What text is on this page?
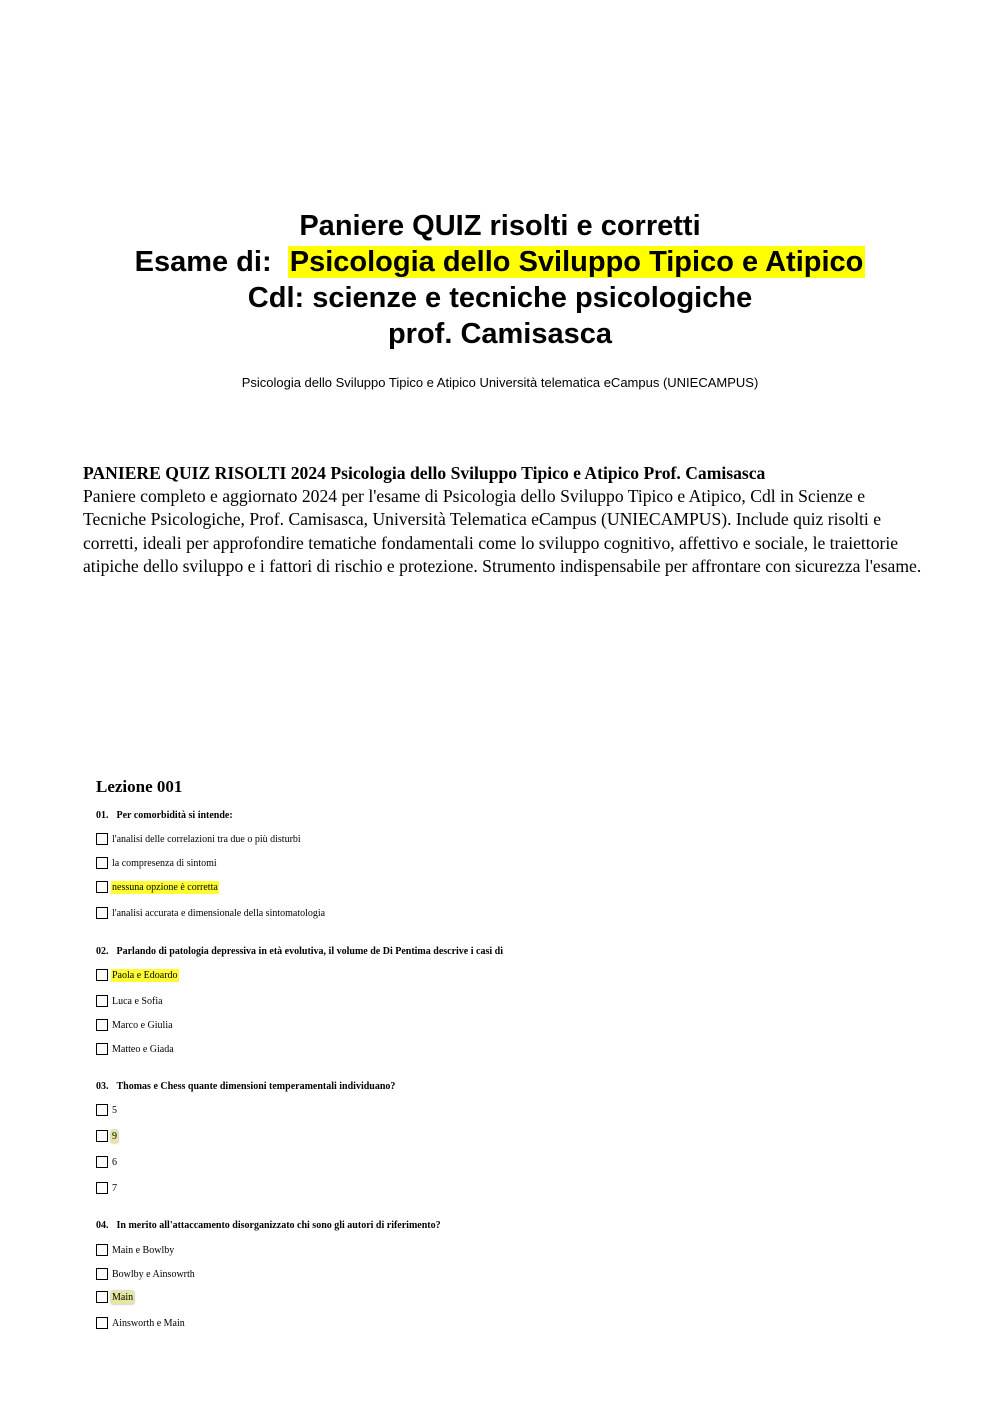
Paniere QUIZ risolti e corretti

Esame di: Psicologia dello Sviluppo Tipico e Atipico

Cdl: scienze e tecniche psicologiche

prof. Camisasca

Psicologia dello Sviluppo Tipico e Atipico Università telematica eCampus (UNIECAMPUS)
PANIERE QUIZ RISOLTI 2024 Psicologia dello Sviluppo Tipico e Atipico Prof. Camisasca
Paniere completo e aggiornato 2024 per l'esame di Psicologia dello Sviluppo Tipico e Atipico, Cdl in Scienze e Tecniche Psicologiche, Prof. Camisasca, Università Telematica eCampus (UNIECAMPUS). Include quiz risolti e corretti, ideali per approfondire tematiche fondamentali come lo sviluppo cognitivo, affettivo e sociale, le traiettorie atipiche dello sviluppo e i fattori di rischio e protezione. Strumento indispensabile per affrontare con sicurezza l'esame.
Lezione 001
01. Per comorbidità si intende:
l'analisi delle correlazioni tra due o più disturbi
la compresenza di sintomi
nessuna opzione è corretta
l'analisi accurata e dimensionale della sintomatologia
02. Parlando di patologia depressiva in età evolutiva, il volume de Di Pentima descrive i casi di
Paola e Edoardo
Luca e Sofia
Marco e Giulia
Matteo e Giada
03. Thomas e Chess quante dimensioni temperamentali individuano?
5
9
6
7
04. In merito all'attaccamento disorganizzato chi sono gli autori di riferimento?
Main e Bowlby
Bowlby e Ainsowrth
Main
Ainsworth e Main
